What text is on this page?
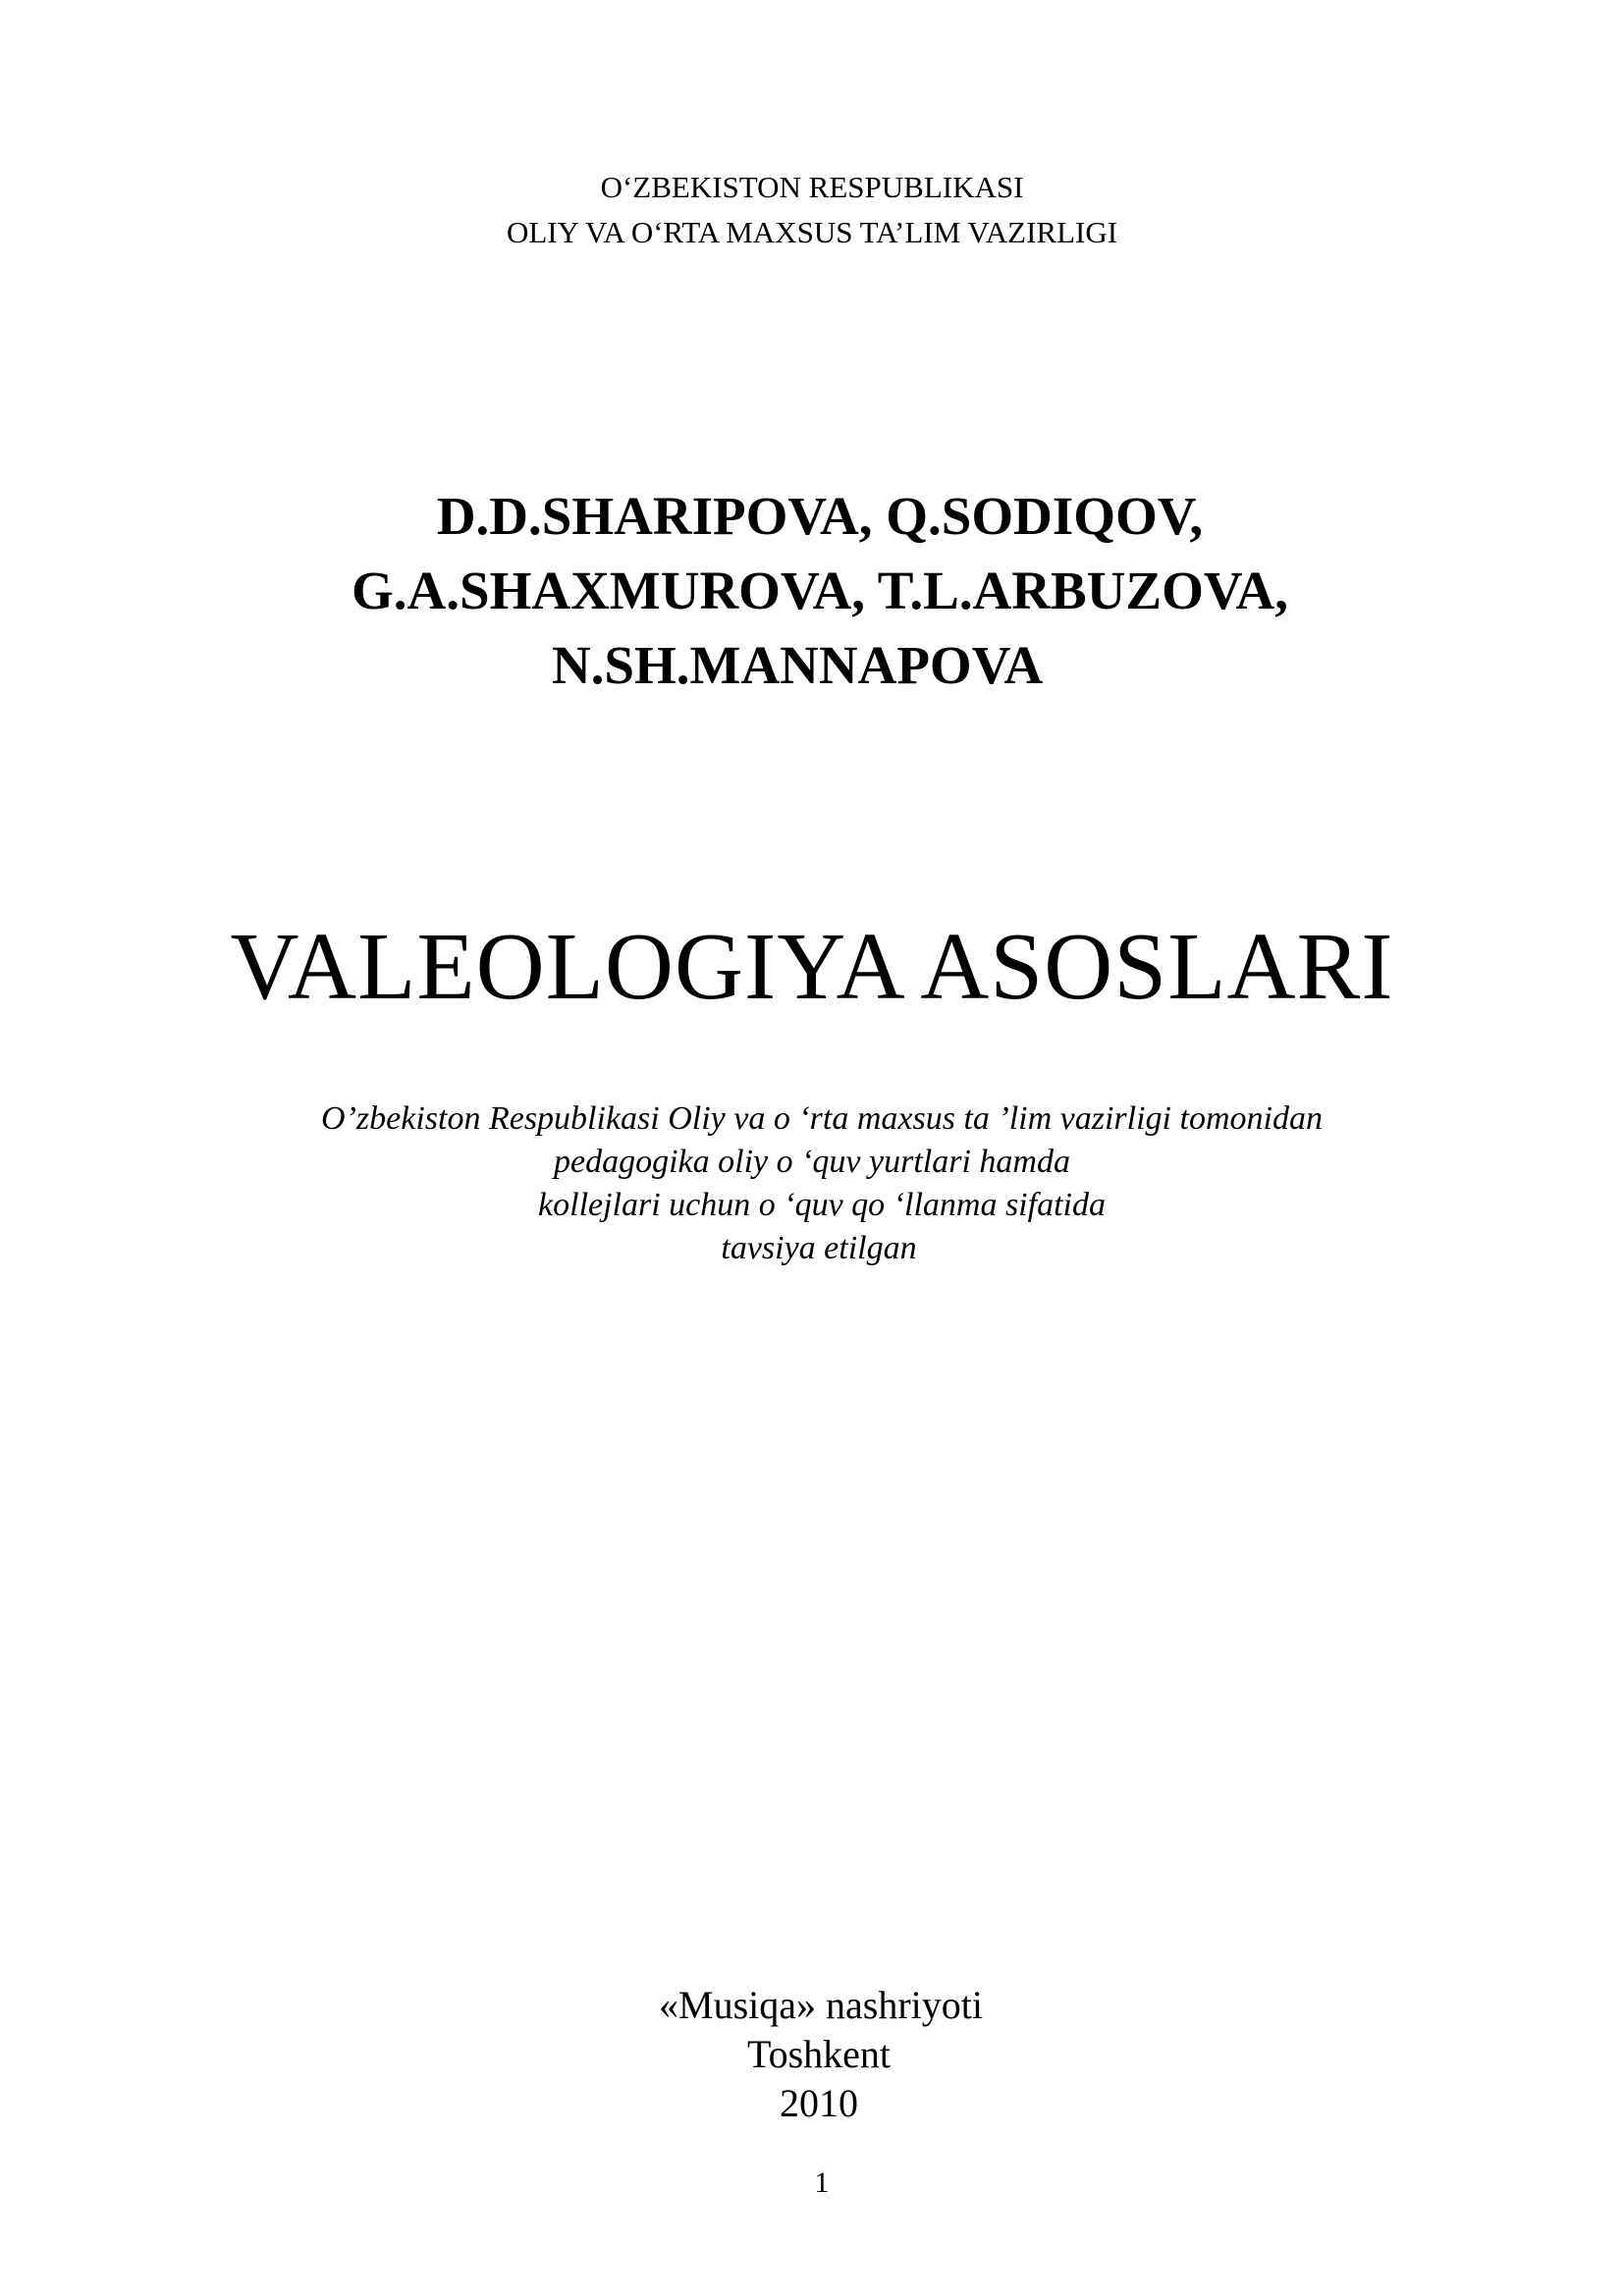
O‘ZBEKISTON RESPUBLIKASI
OLIY VA O‘RTA MAXSUS TA’LIM VAZIRLIGI
D.D.SHARIPOVA, Q.SODIQOV,
G.A.SHAXMUROVA, T.L.ARBUZOVA,
N.SH.MANNAPOVA
VALEOLOGIYA ASOSLARI
O’zbekiston Respublikasi Oliy va o ‘rta maxsus ta ’lim vazirligi tomonidan
pedagogika oliy o ‘quv yurtlari hamda
kollejlari uchun o ‘quv qo ‘llanma sifatida
tavsiya etilgan
«Musiqa» nashriyoti
Toshkent
2010
1
